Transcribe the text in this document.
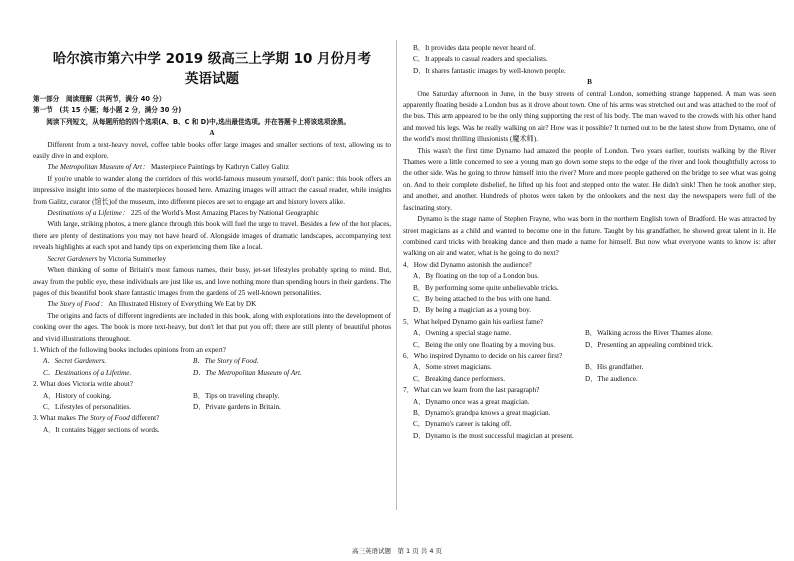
哈尔滨市第六中学 2019 级高三上学期 10 月份月考
英语试题

第一部分　阅读理解（共两节，满分 40 分）

第一节　(共 15 小题；每小题 2 分，满分 30 分)

阅读下列短文，从每题所给的四个选项(A、B、C 和 D)中,选出最佳选项。并在答题卡上将该选项涂黑。

A

Different from a text-heavy novel, coffee table books offer large images and smaller sections of text, allowing us to easily dive in and explore.

The Metropolitan Museum of Art： Masterpiece Paintings by Kathryn Calley Galitz

If you're unable to wander along the corridors of this world-famous museum yourself, don't panic: this book offers an impressive insight into some of the masterpieces housed here. Amazing images will attract the casual reader, while insights from Galitz, curator (馆长)of the museum, into different pieces are set to engage art and history lovers alike.

Destinations of a Lifetime： 225 of the World's Most Amazing Places by National Geographic

With large, striking photos, a mere glance through this book will fuel the urge to travel. Besides a few of the hot places, there are plenty of destinations you may not have heard of. Alongside images of dramatic landscapes, accompanying text reveals highlights at each spot and handy tips on experiencing them like a local.

Secret Gardeners by Victoria Summerley

When thinking of some of Britain's most famous names, their busy, jet-set lifestyles probably spring to mind. But, away from the public eye, these individuals are just like us, and love nothing more than spending hours in their gardens. The pages of this beautiful book share fantastic images from the gardens of 25 well-known personalities.

The Story of Food： An Illustrated History of Everything We Eat by DK

The origins and facts of different ingredients are included in this book, along with explorations into the development of cooking over the ages. The book is more text-heavy, but don't let that put you off; there are still plenty of beautiful photos and vivid illustrations throughout.

1. Which of the following books includes opinions from an expert?

A．Secret Gardeners.	B．The Story of Food.
C．Destinations of a Lifetime.	D．The Metropolitan Museum of Art.

2. What does Victoria write about?

A．History of cooking.	B．Tips on traveling cheaply.
C．Lifestyles of personalities.	D．Private gardens in Britain.

3. What makes The Story of Food different?

A．It contains bigger sections of words.

B．It provides data people never heard of.

C．It appeals to casual readers and specialists.

D．It shares fantastic images by well-known people.

B

One Saturday afternoon in June, in the busy streets of central London, something strange happened. A man was seen apparently floating beside a London bus as it drove about town. One of his arms was stretched out and was attached to the roof of the bus. This arm appeared to be the only thing supporting the rest of his body. The man waved to the crowds with his other hand and moved his legs. Was he really walking on air? How was it possible? It turned out to be the latest show from Dynamo, one of the world's most thrilling illusionists (魔术师).

This wasn't the first time Dynamo had amazed the people of London. Two years earlier, tourists walking by the River Thames were a little concerned to see a young man go down some steps to the edge of the river and look thoughtfully across to the other side. Was he going to throw himself into the river? More and more people gathered on the bridge to see what was going on. And to their complete disbelief, he lifted up his foot and stepped onto the water. He didn't sink! Then he took another step, and another, and another. Hundreds of photos were taken by the onlookers and the next day the newspapers were full of the fascinating story.

Dynamo is the stage name of Stephen Frayne, who was born in the northern English town of Bradford. He was attracted by street magicians as a child and wanted to become one in the future. Taught by his grandfather, he showed great talent in it. He combined card tricks with breaking dance and then made a name for himself. But now what everyone wants to know is: after walking on air and water, what is he going to do next?

4．How did Dynamo astonish the audience?

A．By floating on the top of a London bus.

B．By performing some quite unbelievable tricks.

C．By being attached to the bus with one hand.

D．By being a magician as a young boy.

5．What helped Dynamo gain his earliest fame?

A．Owning a special stage name.	B．Walking across the River Thames alone.
C．Being the only one floating by a moving bus.	D．Presenting an appealing combined trick.

6．Who inspired Dynamo to decide on his career first?

A．Some street magicians.	B．His grandfather.
C．Breaking dance performers.	D．The audience.

7．What can we learn from the last paragraph?

A．Dynamo once was a great magician.

B．Dynamo's grandpa knows a great magician.

C．Dynamo's career is taking off.

D．Dynamo is the most successful magician at present.

高三英语试题　第 1 页 共 4 页
